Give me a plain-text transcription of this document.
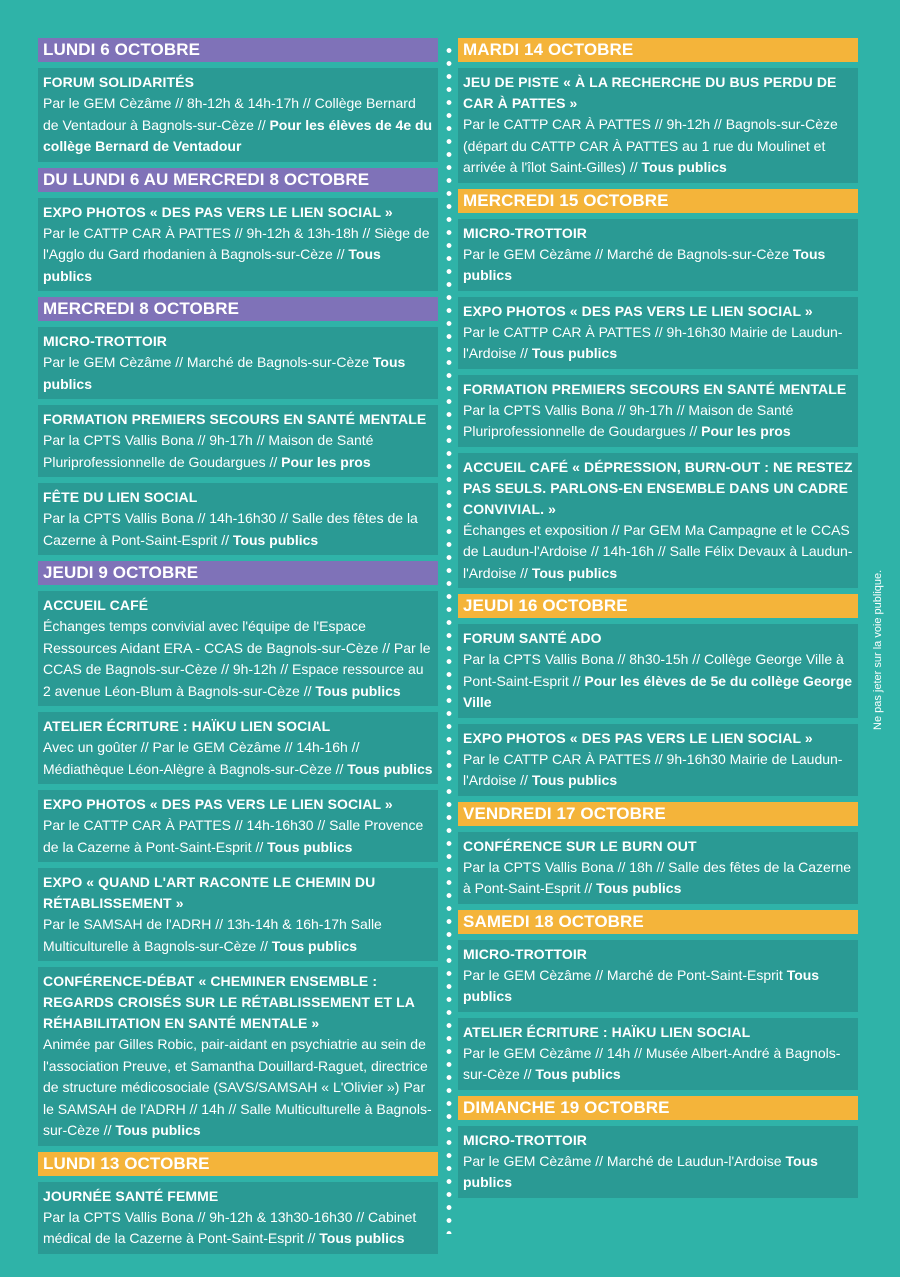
LUNDI 6 OCTOBRE
FORUM SOLIDARITÉS
Par le GEM Cèzâme // 8h-12h & 14h-17h // Collège Bernard de Ventadour à Bagnols-sur-Cèze // Pour les élèves de 4e du collège Bernard de Ventadour
DU LUNDI 6 AU MERCREDI 8 OCTOBRE
EXPO PHOTOS « DES PAS VERS LE LIEN SOCIAL »
Par le CATTP CAR À PATTES // 9h-12h & 13h-18h // Siège de l'Agglo du Gard rhodanien à Bagnols-sur-Cèze // Tous publics
MERCREDI 8 OCTOBRE
MICRO-TROTTOIR
Par le GEM Cèzâme // Marché de Bagnols-sur-Cèze Tous publics
FORMATION PREMIERS SECOURS EN SANTÉ MENTALE
Par la CPTS Vallis Bona // 9h-17h // Maison de Santé Pluriprofessionnelle de Goudargues // Pour les pros
FÊTE DU LIEN SOCIAL
Par la CPTS Vallis Bona // 14h-16h30 // Salle des fêtes de la Cazerne à Pont-Saint-Esprit // Tous publics
JEUDI 9 OCTOBRE
ACCUEIL CAFÉ
Échanges temps convivial avec l'équipe de l'Espace Ressources Aidant ERA - CCAS de Bagnols-sur-Cèze // Par le CCAS de Bagnols-sur-Cèze // 9h-12h // Espace ressource au 2 avenue Léon-Blum à Bagnols-sur-Cèze // Tous publics
ATELIER ÉCRITURE : HAÏKU LIEN SOCIAL
Avec un goûter // Par le GEM Cèzâme // 14h-16h // Médiathèque Léon-Alègre à Bagnols-sur-Cèze // Tous publics
EXPO PHOTOS « DES PAS VERS LE LIEN SOCIAL »
Par le CATTP CAR À PATTES // 14h-16h30 // Salle Provence de la Cazerne à Pont-Saint-Esprit // Tous publics
EXPO « QUAND L'ART RACONTE LE CHEMIN DU RÉTABLISSEMENT »
Par le SAMSAH de l'ADRH // 13h-14h & 16h-17h Salle Multiculturelle à Bagnols-sur-Cèze // Tous publics
CONFÉRENCE-DÉBAT « CHEMINER ENSEMBLE : REGARDS CROISÉS SUR LE RÉTABLISSEMENT ET LA RÉHABILITATION EN SANTÉ MENTALE »
Animée par Gilles Robic, pair-aidant en psychiatrie au sein de l'association Preuve, et Samantha Douillard-Raguet, directrice de structure médicosociale (SAVS/SAMSAH « L'Olivier ») Par le SAMSAH de l'ADRH // 14h // Salle Multiculturelle à Bagnols-sur-Cèze // Tous publics
LUNDI 13 OCTOBRE
JOURNÉE SANTÉ FEMME
Par la CPTS Vallis Bona // 9h-12h & 13h30-16h30 // Cabinet médical de la Cazerne à Pont-Saint-Esprit // Tous publics
MARDI 14 OCTOBRE
JEU DE PISTE « À LA RECHERCHE DU BUS PERDU DE CAR À PATTES »
Par le CATTP CAR À PATTES // 9h-12h // Bagnols-sur-Cèze (départ du CATTP CAR À PATTES au 1 rue du Moulinet et arrivée à l'îlot Saint-Gilles) // Tous publics
MERCREDI 15 OCTOBRE
MICRO-TROTTOIR
Par le GEM Cèzâme // Marché de Bagnols-sur-Cèze Tous publics
EXPO PHOTOS « DES PAS VERS LE LIEN SOCIAL »
Par le CATTP CAR À PATTES // 9h-16h30 Mairie de Laudun-l'Ardoise // Tous publics
FORMATION PREMIERS SECOURS EN SANTÉ MENTALE
Par la CPTS Vallis Bona // 9h-17h // Maison de Santé Pluriprofessionnelle de Goudargues // Pour les pros
ACCUEIL CAFÉ « DÉPRESSION, BURN-OUT : NE RESTEZ PAS SEULS. PARLONS-EN ENSEMBLE DANS UN CADRE CONVIVIAL. »
Échanges et exposition // Par GEM Ma Campagne et le CCAS de Laudun-l'Ardoise // 14h-16h // Salle Félix Devaux à Laudun-l'Ardoise // Tous publics
JEUDI 16 OCTOBRE
FORUM SANTÉ ADO
Par la CPTS Vallis Bona // 8h30-15h // Collège George Ville à Pont-Saint-Esprit // Pour les élèves de 5e du collège George Ville
EXPO PHOTOS « DES PAS VERS LE LIEN SOCIAL »
Par le CATTP CAR À PATTES // 9h-16h30 Mairie de Laudun-l'Ardoise // Tous publics
VENDREDI 17 OCTOBRE
CONFÉRENCE SUR LE BURN OUT
Par la CPTS Vallis Bona // 18h // Salle des fêtes de la Cazerne à Pont-Saint-Esprit // Tous publics
SAMEDI 18 OCTOBRE
MICRO-TROTTOIR
Par le GEM Cèzâme // Marché de Pont-Saint-Esprit Tous publics
ATELIER ÉCRITURE : HAÏKU LIEN SOCIAL
Par le GEM Cèzâme // 14h // Musée Albert-André à Bagnols-sur-Cèze // Tous publics
DIMANCHE 19 OCTOBRE
MICRO-TROTTOIR
Par le GEM Cèzâme // Marché de Laudun-l'Ardoise Tous publics
Ne pas jeter sur la voie publique.
